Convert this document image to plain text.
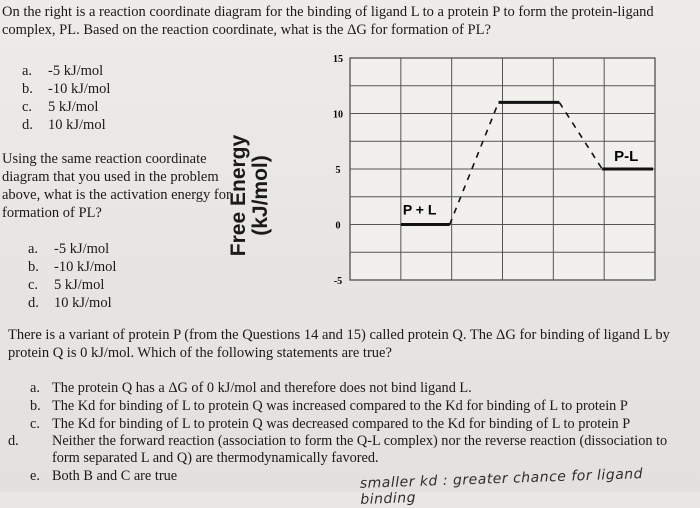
On the right is a reaction coordinate diagram for the binding of ligand L to a protein P to form the protein-ligand
complex, PL. Based on the reaction coordinate, what is the ΔG for formation of PL?
a. -5 kJ/mol
b. -10 kJ/mol
c. 5 kJ/mol
d. 10 kJ/mol
Using the same reaction coordinate diagram that you used in the problem above, what is the activation energy for formation of PL?
a. -5 kJ/mol
b. -10 kJ/mol
c. 5 kJ/mol
d. 10 kJ/mol
Free Energy (kJ/mol)
15
10
5
0
-5
P + L
P-L
There is a variant of protein P (from the Questions 14 and 15) called protein Q. The ΔG for binding of ligand L by protein Q is 0 kJ/mol. Which of the following statements are true?
a. The protein Q has a ΔG of 0 kJ/mol and therefore does not bind ligand L.
b. The Kd for binding of L to protein Q was increased compared to the Kd for binding of L to protein P
c. The Kd for binding of L to protein Q was decreased compared to the Kd for binding of L to protein P
d. Neither the forward reaction (association to form the Q-L complex) nor the reverse reaction (dissociation to form separated L and Q) are thermodynamically favored.
e. Both B and C are true	smaller kd : greater chance for ligand binding
